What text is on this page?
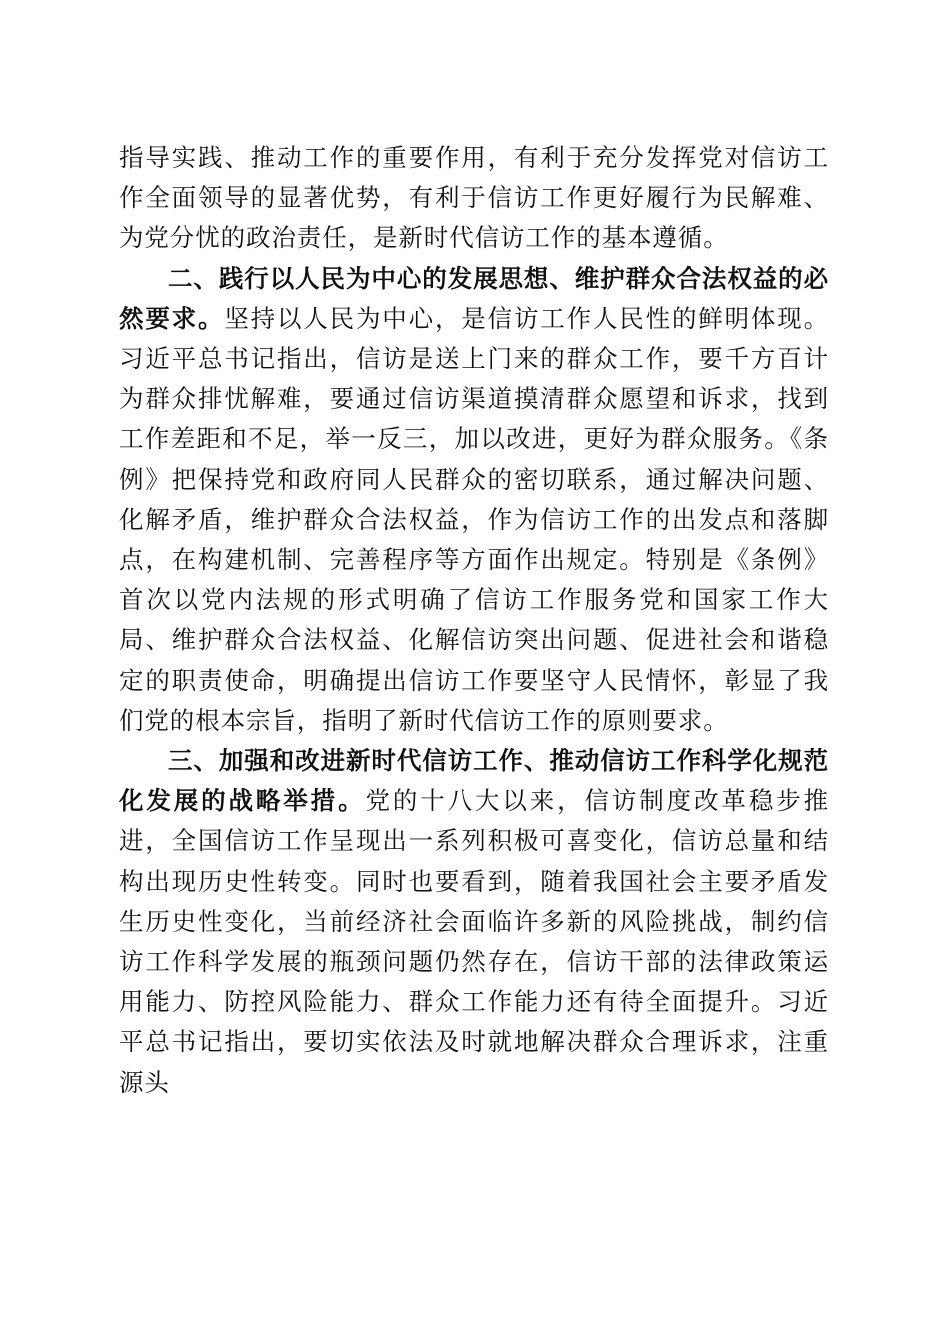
指导实践、推动工作的重要作用，有利于充分发挥党对信访工作全面领导的显著优势，有利于信访工作更好履行为民解难、为党分忧的政治责任，是新时代信访工作的基本遵循。

二、践行以人民为中心的发展思想、维护群众合法权益的必然要求。坚持以人民为中心，是信访工作人民性的鲜明体现。习近平总书记指出，信访是送上门来的群众工作，要千方百计为群众排忧解难，要通过信访渠道摸清群众愿望和诉求，找到工作差距和不足，举一反三，加以改进，更好为群众服务。《条例》把保持党和政府同人民群众的密切联系，通过解决问题、化解矛盾，维护群众合法权益，作为信访工作的出发点和落脚点，在构建机制、完善程序等方面作出规定。特别是《条例》首次以党内法规的形式明确了信访工作服务党和国家工作大局、维护群众合法权益、化解信访突出问题、促进社会和谐稳定的职责使命，明确提出信访工作要坚守人民情怀，彰显了我们党的根本宗旨，指明了新时代信访工作的原则要求。

三、加强和改进新时代信访工作、推动信访工作科学化规范化发展的战略举措。党的十八大以来，信访制度改革稳步推进，全国信访工作呈现出一系列积极可喜变化，信访总量和结构出现历史性转变。同时也要看到，随着我国社会主要矛盾发生历史性变化，当前经济社会面临许多新的风险挑战，制约信访工作科学发展的瓶颈问题仍然存在，信访干部的法律政策运用能力、防控风险能力、群众工作能力还有待全面提升。习近平总书记指出，要切实依法及时就地解决群众合理诉求，注重源头
